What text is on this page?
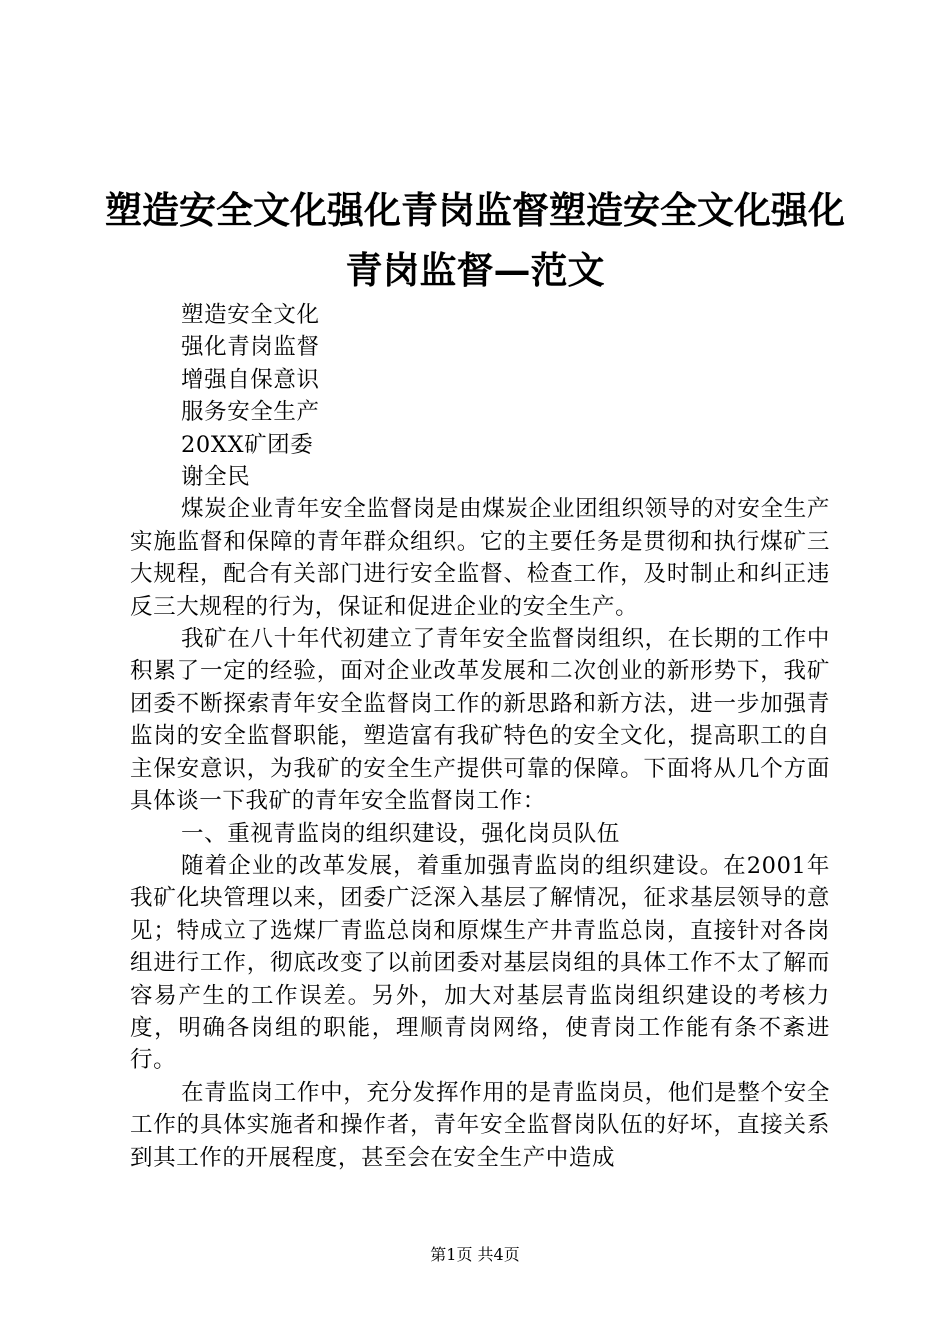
塑造安全文化强化青岗监督塑造安全文化强化
青岗监督—范文
塑造安全文化
强化青岗监督
增强自保意识
服务安全生产
20XX矿团委
谢全民

煤炭企业青年安全监督岗是由煤炭企业团组织领导的对安全生产实施监督和保障的青年群众组织。它的主要任务是贯彻和执行煤矿三大规程，配合有关部门进行安全监督、检查工作，及时制止和纠正违反三大规程的行为，保证和促进企业的安全生产。

我矿在八十年代初建立了青年安全监督岗组织，在长期的工作中积累了一定的经验，面对企业改革发展和二次创业的新形势下，我矿团委不断探索青年安全监督岗工作的新思路和新方法，进一步加强青监岗的安全监督职能，塑造富有我矿特色的安全文化，提高职工的自主保安意识，为我矿的安全生产提供可靠的保障。下面将从几个方面具体谈一下我矿的青年安全监督岗工作：

一、重视青监岗的组织建设，强化岗员队伍

随着企业的改革发展，着重加强青监岗的组织建设。在2001年我矿化块管理以来，团委广泛深入基层了解情况，征求基层领导的意见；特成立了选煤厂青监总岗和原煤生产井青监总岗，直接针对各岗组进行工作，彻底改变了以前团委对基层岗组的具体工作不太了解而容易产生的工作误差。另外，加大对基层青监岗组织建设的考核力度，明确各岗组的职能，理顺青岗网络，使青岗工作能有条不紊进行。

在青监岗工作中，充分发挥作用的是青监岗员，他们是整个安全工作的具体实施者和操作者，青年安全监督岗队伍的好坏，直接关系到其工作的开展程度，甚至会在安全生产中造成

第1页 共4页
